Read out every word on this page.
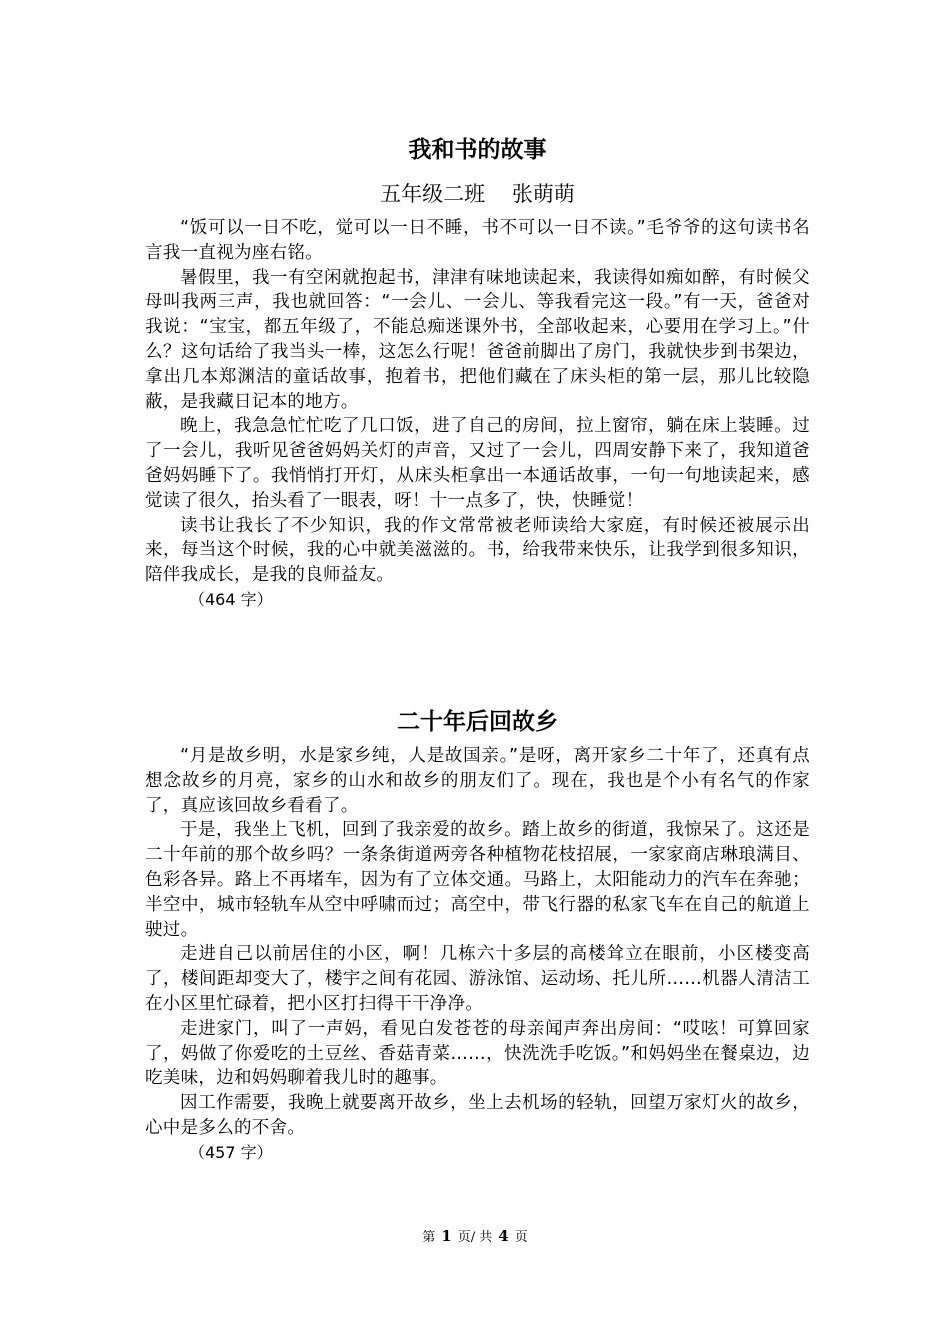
我和书的故事

五年级二班    张萌萌

“饭可以一日不吃，觉可以一日不睡，书不可以一日不读。”毛爷爷的这句读书名言我一直视为座右铭。

暑假里，我一有空闲就抱起书，津津有味地读起来，我读得如痴如醉，有时候父母叫我两三声，我也就回答：“一会儿、一会儿、等我看完这一段。”有一天，爸爸对我说：“宝宝，都五年级了，不能总痴迷课外书，全部收起来，心要用在学习上。”什么？这句话给了我当头一棒，这怎么行呢！爸爸前脚出了房门，我就快步到书架边，拿出几本郑渊洁的童话故事，抱着书，把他们藏在了床头柜的第一层，那儿比较隐蔽，是我藏日记本的地方。

晚上，我急急忙忙吃了几口饭，进了自己的房间，拉上窗帘，躺在床上装睡。过了一会儿，我听见爸爸妈妈关灯的声音，又过了一会儿，四周安静下来了，我知道爸爸妈妈睡下了。我悄悄打开灯，从床头柜拿出一本通话故事，一句一句地读起来，感觉读了很久，抬头看了一眼表，呀！十一点多了，快，快睡觉！

读书让我长了不少知识，我的作文常常被老师读给大家庭，有时候还被展示出来，每当这个时候，我的心中就美滋滋的。书，给我带来快乐，让我学到很多知识，陪伴我成长，是我的良师益友。

（464 字）

二十年后回故乡

“月是故乡明，水是家乡纯，人是故国亲。”是呀，离开家乡二十年了，还真有点想念故乡的月亮，家乡的山水和故乡的朋友们了。现在，我也是个小有名气的作家了，真应该回故乡看看了。

于是，我坐上飞机，回到了我亲爱的故乡。踏上故乡的街道，我惊呆了。这还是二十年前的那个故乡吗？一条条街道两旁各种植物花枝招展，一家家商店琳琅满目、色彩各异。路上不再堵车，因为有了立体交通。马路上，太阳能动力的汽车在奔驰；半空中，城市轻轨车从空中呼啸而过；高空中，带飞行器的私家飞车在自己的航道上驶过。

走进自己以前居住的小区，啊！几栋六十多层的高楼耸立在眼前，小区楼变高了，楼间距却变大了，楼宇之间有花园、游泳馆、运动场、托儿所……机器人清洁工在小区里忙碌着，把小区打扫得干干净净。

走进家门，叫了一声妈，看见白发苍苍的母亲闻声奔出房间：“哎呟！可算回家了，妈做了你爱吃的土豆丝、香菇青菜……，快洗洗手吃饭。”和妈妈坐在餐桌边，边吃美味，边和妈妈聊着我儿时的趣事。

因工作需要，我晚上就要离开故乡，坐上去机场的轻轨，回望万家灯火的故乡，心中是多么的不舍。

（457 字）

第 1 页/ 共 4 页
